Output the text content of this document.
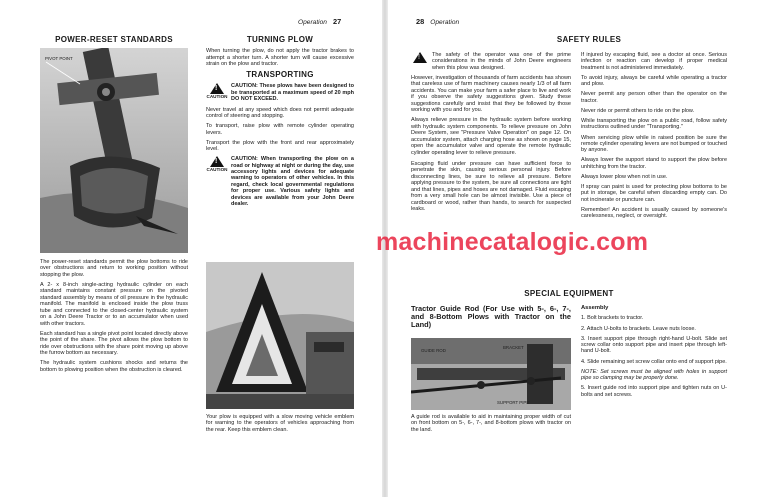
Operation 27
POWER-RESET STANDARDS
PIVOT POINT

The power-reset standards permit the plow bottoms to ride over obstructions and return to working position without stopping the plow.

A 2- x 8-inch single-acting hydraulic cylinder on each standard maintains constant pressure on the pivoted standard assembly by means of oil pressure in the hydraulic manifold. The manifold is enclosed inside the plow truss tube and connected to the closed-center hydraulic system on a John Deere Tractor or to an accumulator when used with other tractors.

Each standard has a single pivot point located directly above the point of the share. The pivot allows the plow bottom to ride over obstructions with the share point moving up above the furrow bottom as necessary.

The hydraulic system cushions shocks and returns the bottom to plowing position when the obstruction is cleared.

TURNING PLOW

When turning the plow, do not apply the tractor brakes to attempt a shorter turn. A shorter turn will cause excessive strain on the plow and tractor.

TRANSPORTING
!
CAUTION
CAUTION: These plows have been designed to be transported at a maximum speed of 20 mph DO NOT EXCEED.

Never travel at any speed which does not permit adequate control of steering and stopping.

To transport, raise plow with remote cylinder operating levers.

Transport the plow with the front and rear approximately level.

!
CAUTION
CAUTION: When transporting the plow on a road or highway at night or during the day, use accessory lights and devices for adequate warning to operators of other vehicles. In this regard, check local governmental regulations for proper use. Various safety lights and devices are available from your John Deere dealer.

Your plow is equipped with a slow moving vehicle emblem for warning to the operators of vehicles approaching from the rear. Keep this emblem clean.

28 Operation
SAFETY RULES
! The safety of the operator was one of the prime considerations in the minds of John Deere engineers when this plow was designed.

However, investigation of thousands of farm accidents has shown that careless use of farm machinery causes nearly 1/3 of all farm accidents. You can make your farm a safer place to live and work if you observe the safety suggestions given. Study these suggestions carefully and insist that they be followed by those working with you and for you.

Always relieve pressure in the hydraulic system before working with hydraulic system components. To relieve pressure on John Deere System, see "Pressure Valve Operation" on page 12. On accumulator system, attach charging hose as shown on page 15, open the accumulator valve and operate the remote hydraulic cylinder operating lever to relieve pressure.

Escaping fluid under pressure can have sufficient force to penetrate the skin, causing serious personal injury. Before disconnecting lines, be sure to relieve all pressure. Before applying pressure to the system, be sure all connections are tight and that lines, pipes and hoses are not damaged. Fluid escaping from a very small hole can be almost invisible. Use a piece of cardboard or wood, rather than hands, to search for suspected leaks.

If injured by escaping fluid, see a doctor at once. Serious infection or reaction can develop if proper medical treatment is not administered immediately.

To avoid injury, always be careful while operating a tractor and plow.

Never permit any person other than the operator on the tractor.

Never ride or permit others to ride on the plow.

While transporting the plow on a public road, follow safety instructions outlined under "Transporting."

When servicing plow while in raised position be sure the remote cylinder operating levers are not bumped or touched by anyone.

Always lower the support stand to support the plow before unhitching from the tractor.

Always lower plow when not in use.

If spray can paint is used for protecting plow bottoms to be put in storage, be careful when discarding empty can. Do not incinerate or puncture can.

Remember! An accident is usually caused by someone's carelessness, neglect, or oversight.

SPECIAL EQUIPMENT
Tractor Guide Rod (For Use with 5-, 6-, 7-, and 8-Bottom Plows with Tractor on the Land)
GUIDE ROD
BRACKET
SUPPORT PIPE

A guide rod is available to aid in maintaining proper width of cut on front bottom on 5-, 6-, 7-, and 8-bottom plows with tractor on the land.

Assembly

1. Bolt brackets to tractor.

2. Attach U-bolts to brackets. Leave nuts loose.

3. Insert support pipe through right-hand U-bolt. Slide set screw collar onto support pipe and insert pipe through left-hand U-bolt.

4. Slide remaining set screw collar onto end of support pipe.

NOTE: Set screws must be aligned with holes in support pipe so clamping may be properly done.

5. Insert guide rod into support pipe and tighten nuts on U-bolts and set screws.

machinecatalogic.com
